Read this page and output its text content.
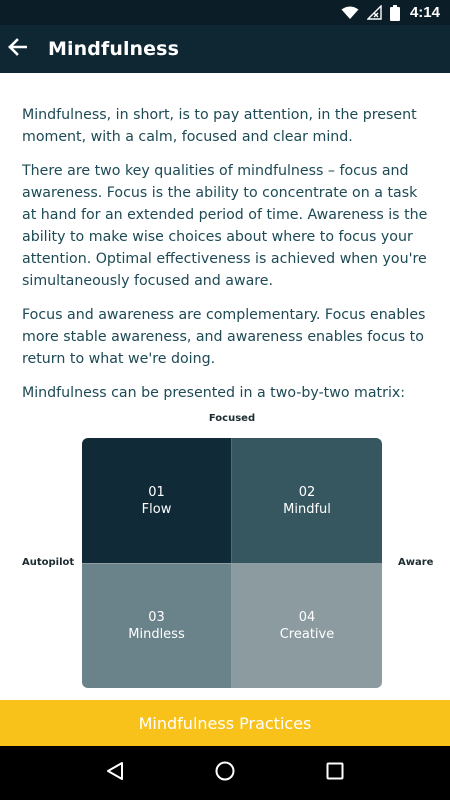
4:14
Mindfulness

Mindfulness, in short, is to pay attention, in the present moment, with a calm, focused and clear mind.

There are two key qualities of mindfulness – focus and awareness. Focus is the ability to concentrate on a task at hand for an extended period of time. Awareness is the ability to make wise choices about where to focus your attention. Optimal effectiveness is achieved when you're simultaneously focused and aware.

Focus and awareness are complementary. Focus enables more stable awareness, and awareness enables focus to return to what we're doing.

Mindfulness can be presented in a two-by-two matrix:

Focused
Autopilot	Aware
01
Flow
02
Mindful
03
Mindless
04
Creative
Mindfulness Practices
